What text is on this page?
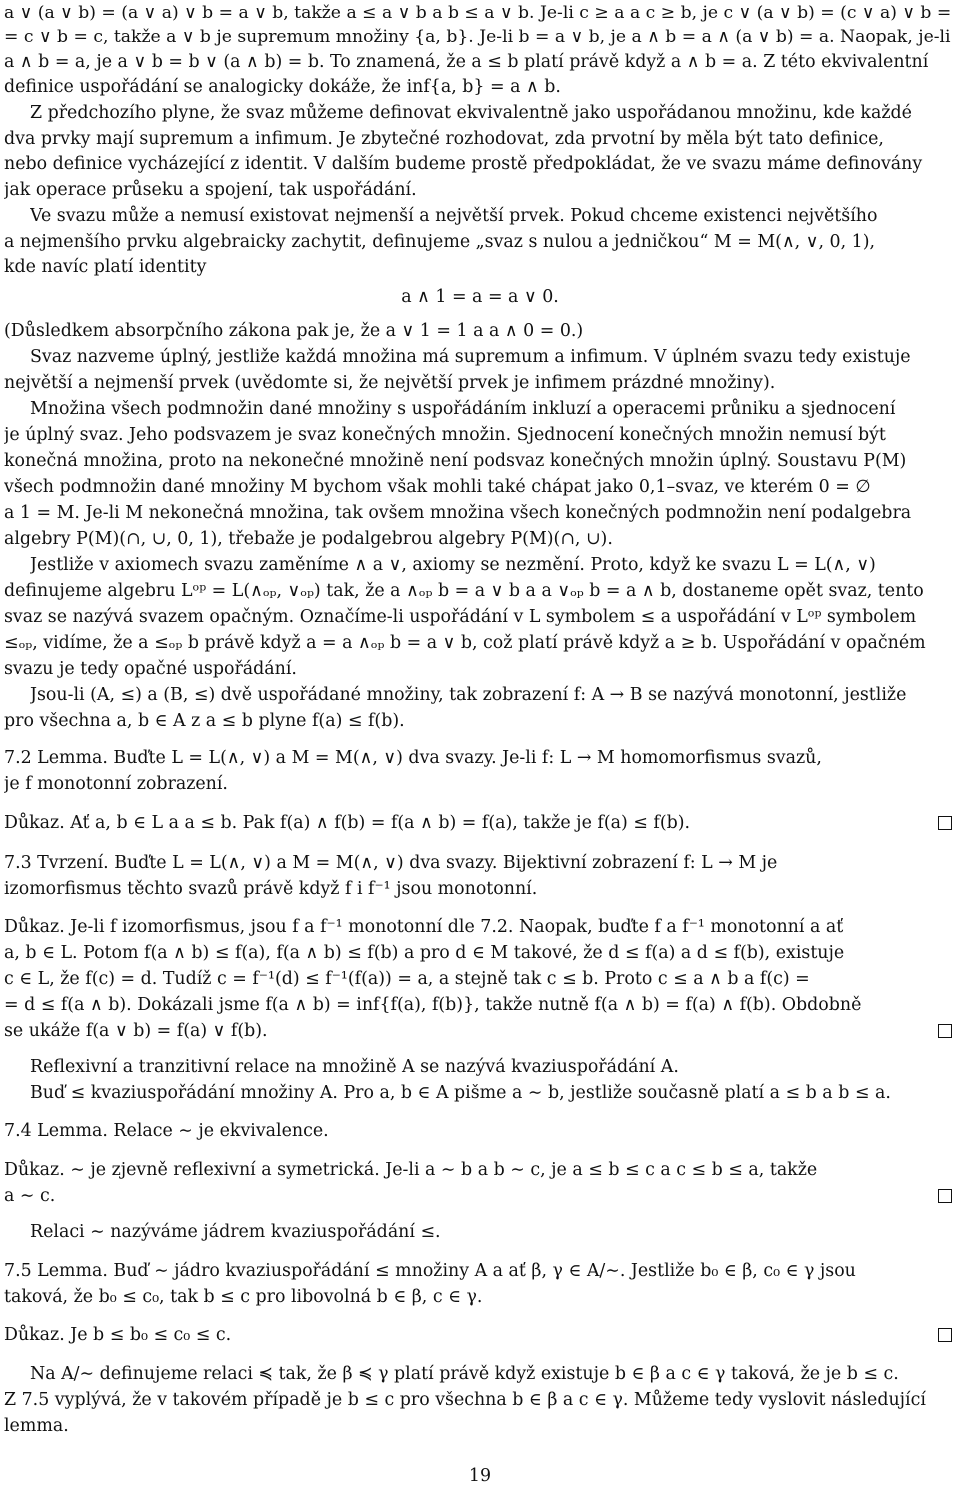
a ∨ (a ∨ b) = (a ∨ a) ∨ b = a ∨ b, takže a ≤ a ∨ b a b ≤ a ∨ b. Je-li c ≥ a a c ≥ b, je c ∨ (a ∨ b) = (c ∨ a) ∨ b =
= c ∨ b = c, takže a ∨ b je supremum množiny {a, b}. Je-li b = a ∨ b, je a ∧ b = a ∧ (a ∨ b) = a. Naopak, je-li
a ∧ b = a, je a ∨ b = b ∨ (a ∧ b) = b. To znamená, že a ≤ b platí právě když a ∧ b = a. Z této ekvivalentní
definice uspořádání se analogicky dokáže, že inf{a, b} = a ∧ b.
Z předchozího plyne, že svaz můžeme definovat ekvivalentně jako uspořádanou množinu, kde každé
dva prvky mají supremum a infimum. Je zbytečné rozhodovat, zda prvotní by měla být tato definice,
nebo definice vycházející z identit. V dalším budeme prostě předpokládat, že ve svazu máme definovány
jak operace průseku a spojení, tak uspořádání.
Ve svazu může a nemusí existovat nejmenší a největší prvek. Pokud chceme existenci největšího
a nejmenšího prvku algebraicky zachytit, definujeme „svaz s nulou a jedničkou“ M = M(∧, ∨, 0, 1),
kde navíc platí identity
a ∧ 1 = a = a ∨ 0.
(Důsledkem absorpčního zákona pak je, že a ∨ 1 = 1 a a ∧ 0 = 0.)
Svaz nazveme úplný, jestliže každá množina má supremum a infimum. V úplném svazu tedy existuje
největší a nejmenší prvek (uvědomte si, že největší prvek je infimem prázdné množiny).
Množina všech podmnožin dané množiny s uspořádáním inkluzí a operacemi průniku a sjednocení
je úplný svaz. Jeho podsvazem je svaz konečných množin. Sjednocení konečných množin nemusí být
konečná množina, proto na nekonečné množině není podsvaz konečných množin úplný. Soustavu P(M)
všech podmnožin dané množiny M bychom však mohli také chápat jako 0,1–svaz, ve kterém 0 = ∅
a 1 = M. Je-li M nekonečná množina, tak ovšem množina všech konečných podmnožin není podalgebra
algebry P(M)(∩, ∪, 0, 1), třebaže je podalgebrou algebry P(M)(∩, ∪).
Jestliže v axiomech svazu zaměníme ∧ a ∨, axiomy se nezmění. Proto, když ke svazu L = L(∧, ∨)
definujeme algebru Lᵒᵖ = L(∧ₒₚ, ∨ₒₚ) tak, že a ∧ₒₚ b = a ∨ b a a ∨ₒₚ b = a ∧ b, dostaneme opět svaz, tento
svaz se nazývá svazem opačným. Označíme-li uspořádání v L symbolem ≤ a uspořádání v Lᵒᵖ symbolem
≤ₒₚ, vidíme, že a ≤ₒₚ b právě když a = a ∧ₒₚ b = a ∨ b, což platí právě když a ≥ b. Uspořádání v opačném
svazu je tedy opačné uspořádání.
Jsou-li (A, ≤) a (B, ≤) dvě uspořádané množiny, tak zobrazení f: A → B se nazývá monotonní, jestliže
pro všechna a, b ∈ A z a ≤ b plyne f(a) ≤ f(b).
7.2 Lemma. Buďte L = L(∧, ∨) a M = M(∧, ∨) dva svazy. Je-li f: L → M homomorfismus svazů,
je f monotonní zobrazení.
Důkaz. Ať a, b ∈ L a a ≤ b. Pak f(a) ∧ f(b) = f(a ∧ b) = f(a), takže je f(a) ≤ f(b).
7.3 Tvrzení. Buďte L = L(∧, ∨) a M = M(∧, ∨) dva svazy. Bijektivní zobrazení f: L → M je
izomorfismus těchto svazů právě když f i f⁻¹ jsou monotonní.
Důkaz. Je-li f izomorfismus, jsou f a f⁻¹ monotonní dle 7.2. Naopak, buďte f a f⁻¹ monotonní a ať
a, b ∈ L. Potom f(a ∧ b) ≤ f(a), f(a ∧ b) ≤ f(b) a pro d ∈ M takové, že d ≤ f(a) a d ≤ f(b), existuje
c ∈ L, že f(c) = d. Tudíž c = f⁻¹(d) ≤ f⁻¹(f(a)) = a, a stejně tak c ≤ b. Proto c ≤ a ∧ b a f(c) =
= d ≤ f(a ∧ b). Dokázali jsme f(a ∧ b) = inf{f(a), f(b)}, takže nutně f(a ∧ b) = f(a) ∧ f(b). Obdobně
se ukáže f(a ∨ b) = f(a) ∨ f(b).
Reflexivní a tranzitivní relace na množině A se nazývá kvaziuspořádání A.
Buď ≤ kvaziuspořádání množiny A. Pro a, b ∈ A pišme a ∼ b, jestliže současně platí a ≤ b a b ≤ a.
7.4 Lemma. Relace ∼ je ekvivalence.
Důkaz. ∼ je zjevně reflexivní a symetrická. Je-li a ∼ b a b ∼ c, je a ≤ b ≤ c a c ≤ b ≤ a, takže
a ∼ c.
Relaci ∼ nazýváme jádrem kvaziuspořádání ≤.
7.5 Lemma. Buď ∼ jádro kvaziuspořádání ≤ množiny A a ať β, γ ∈ A/∼. Jestliže b₀ ∈ β, c₀ ∈ γ jsou
taková, že b₀ ≤ c₀, tak b ≤ c pro libovolná b ∈ β, c ∈ γ.
Důkaz. Je b ≤ b₀ ≤ c₀ ≤ c.
Na A/∼ definujeme relaci ≼ tak, že β ≼ γ platí právě když existuje b ∈ β a c ∈ γ taková, že je b ≤ c.
Z 7.5 vyplývá, že v takovém případě je b ≤ c pro všechna b ∈ β a c ∈ γ. Můžeme tedy vyslovit následující
lemma.
19
